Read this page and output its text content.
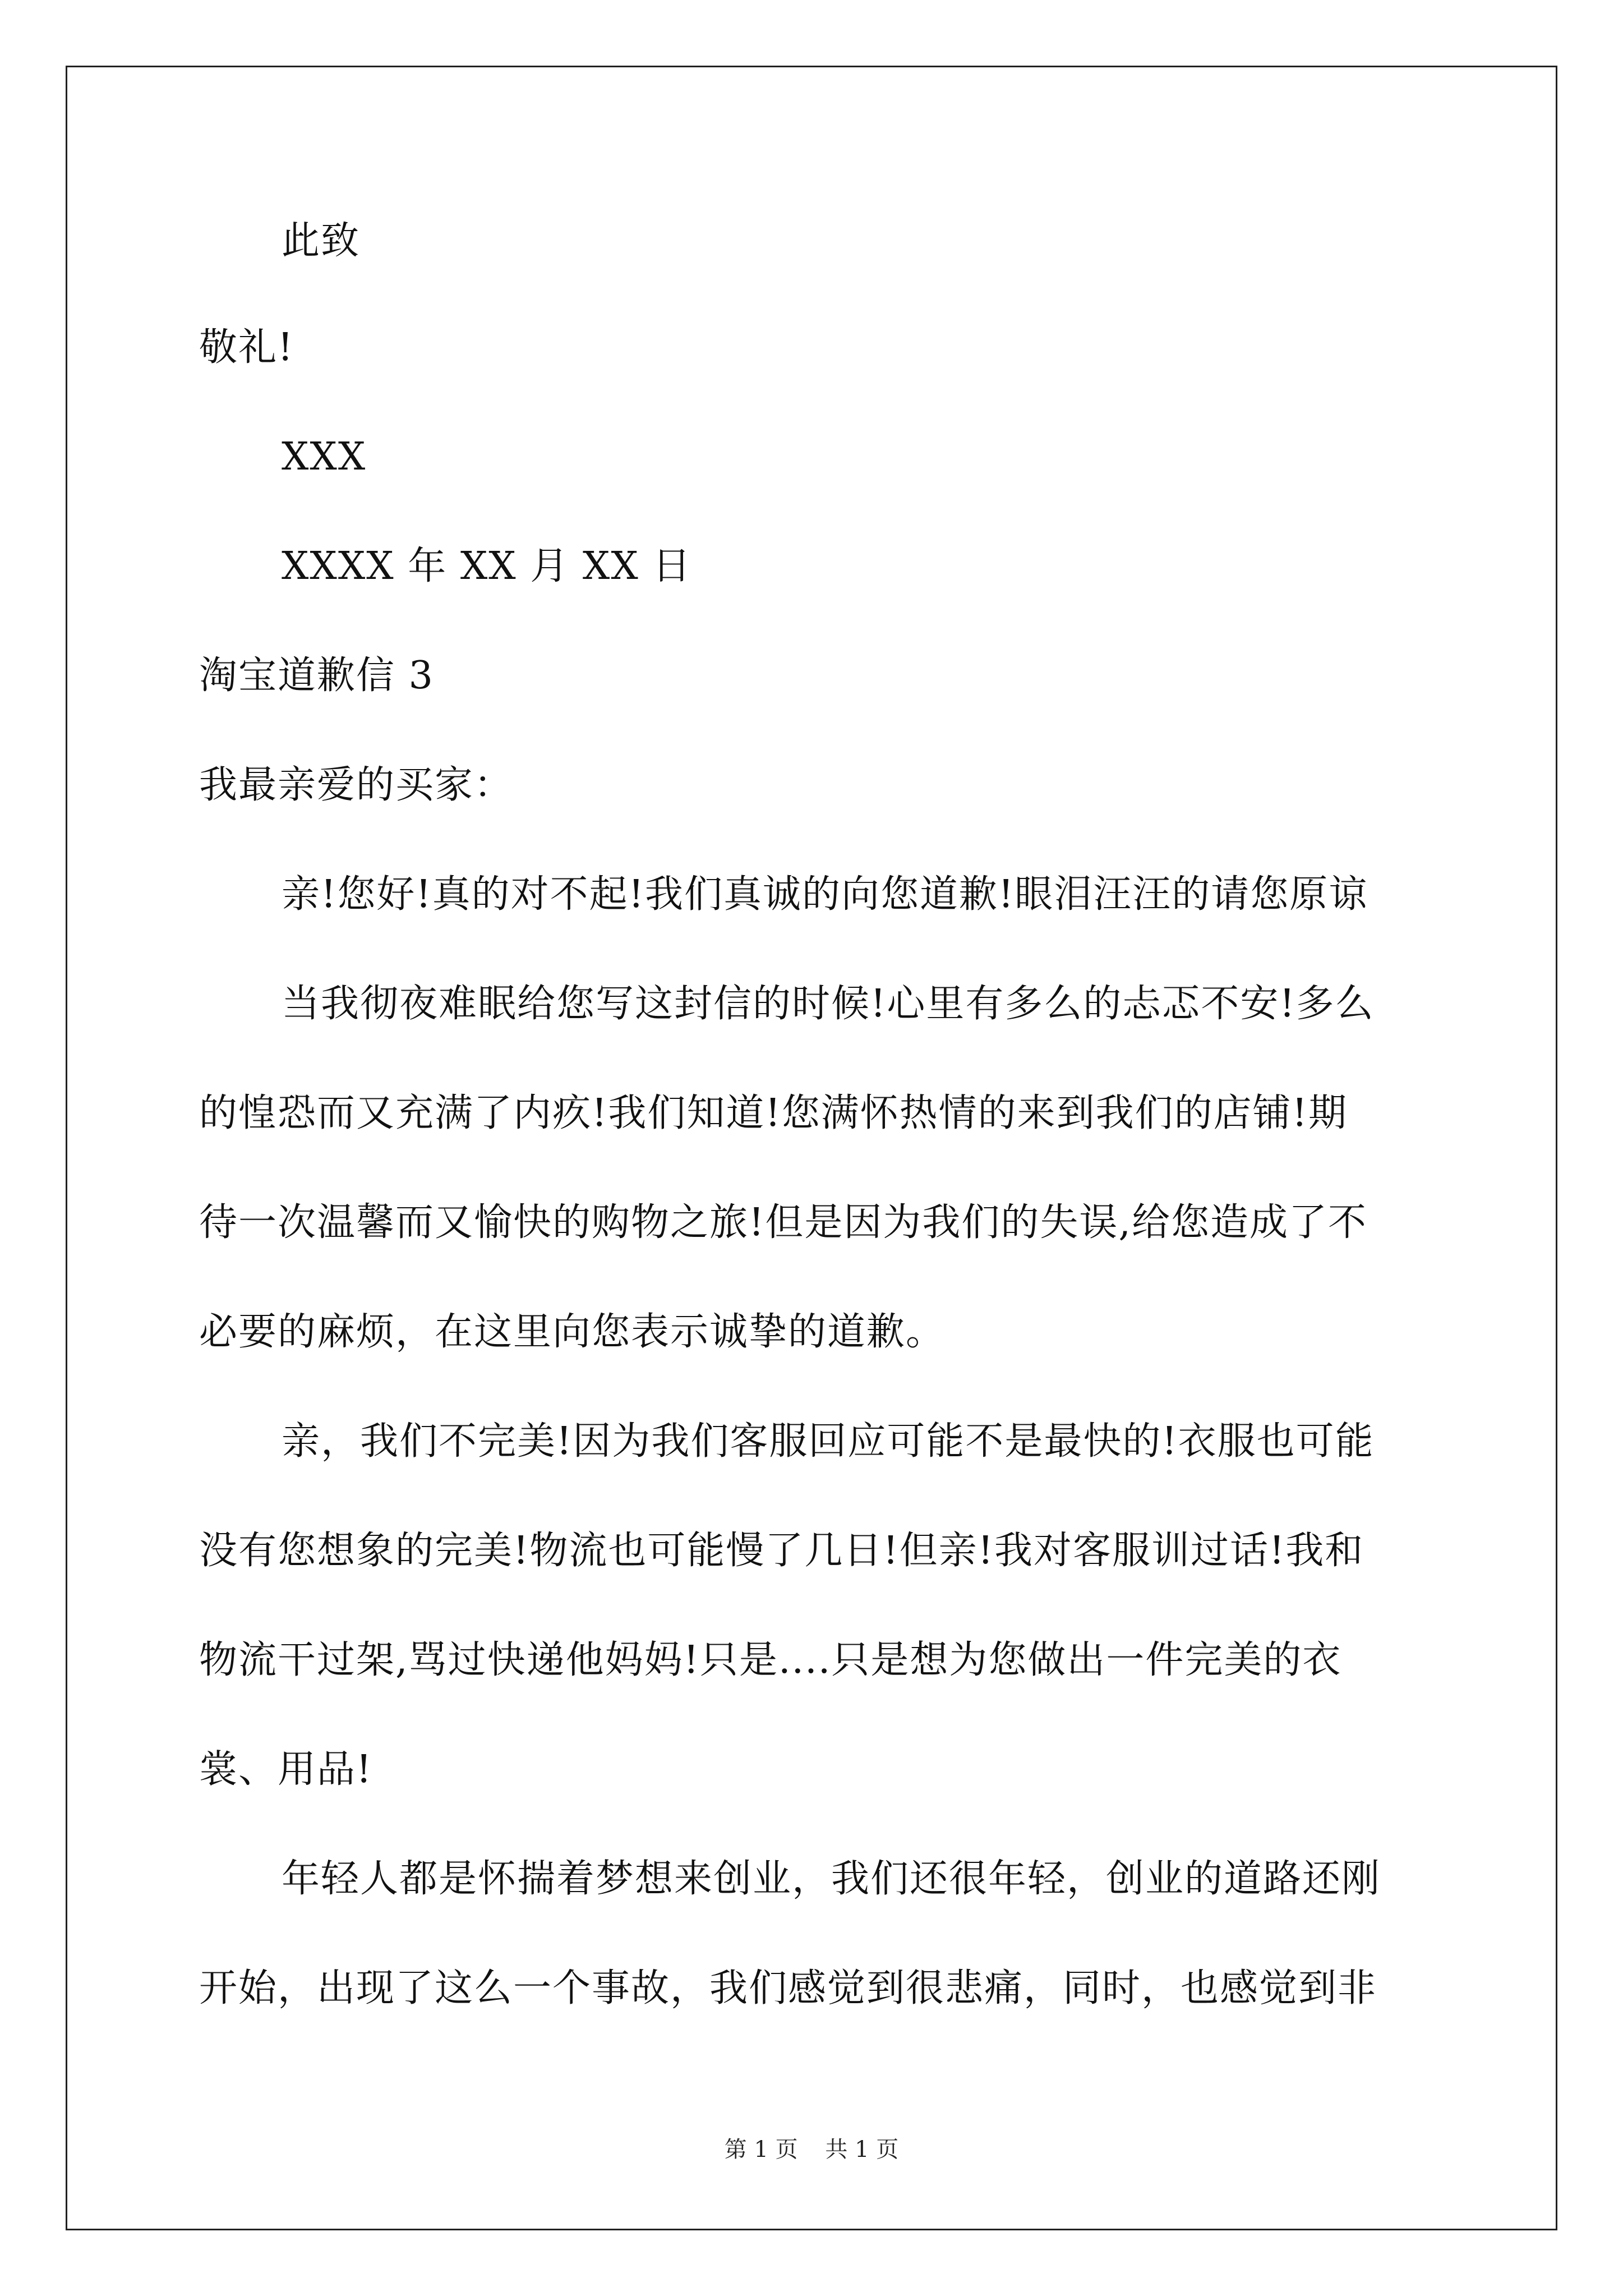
此致
敬礼!
XXX
XXXX 年 XX 月 XX 日
淘宝道歉信 3
我最亲爱的买家：
亲!您好!真的对不起!我们真诚的向您道歉!眼泪汪汪的请您原谅
当我彻夜难眠给您写这封信的时候!心里有多么的忐忑不安!多么
的惶恐而又充满了内疚!我们知道!您满怀热情的来到我们的店铺!期
待一次温馨而又愉快的购物之旅!但是因为我们的失误,给您造成了不
必要的麻烦，在这里向您表示诚挚的道歉。
亲，我们不完美!因为我们客服回应可能不是最快的!衣服也可能
没有您想象的完美!物流也可能慢了几日!但亲!我对客服训过话!我和
物流干过架,骂过快递他妈妈!只是....只是想为您做出一件完美的衣
裳、用品!
年轻人都是怀揣着梦想来创业，我们还很年轻，创业的道路还刚
开始，出现了这么一个事故，我们感觉到很悲痛，同时，也感觉到非
第 1 页 共 1 页
